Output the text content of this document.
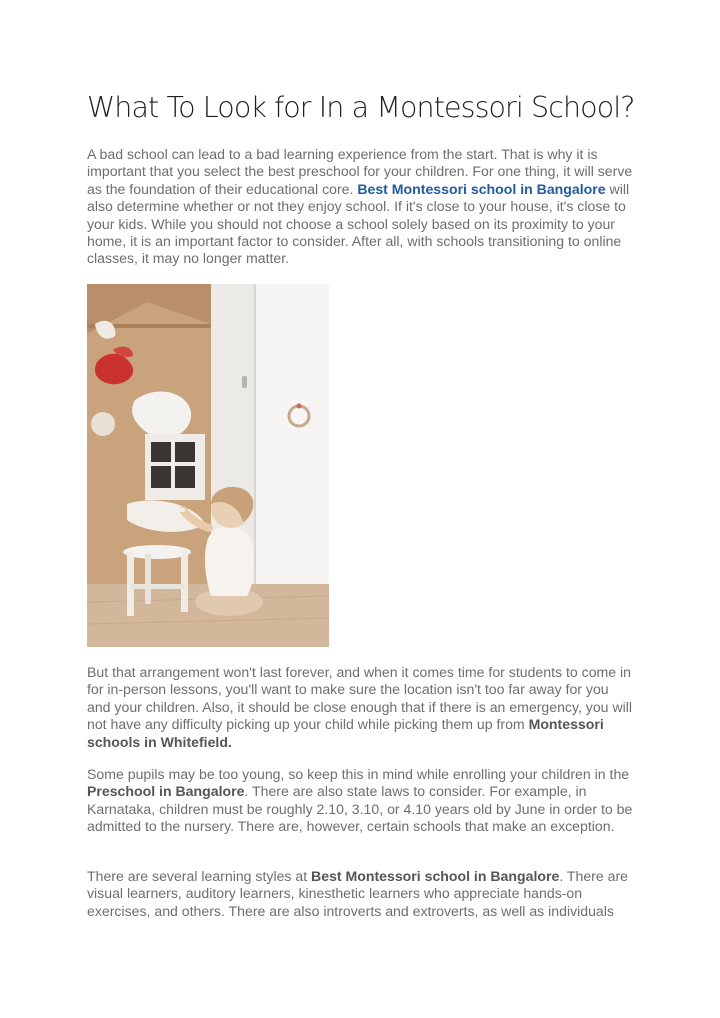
What To Look for In a Montessori School?

A bad school can lead to a bad learning experience from the start. That is why it is important that you select the best preschool for your children. For one thing, it will serve as the foundation of their educational core. Best Montessori school in Bangalore will also determine whether or not they enjoy school. If it's close to your house, it's close to your kids. While you should not choose a school solely based on its proximity to your home, it is an important factor to consider. After all, with schools transitioning to online classes, it may no longer matter.

But that arrangement won't last forever, and when it comes time for students to come in for in-person lessons, you'll want to make sure the location isn't too far away for you and your children. Also, it should be close enough that if there is an emergency, you will not have any difficulty picking up your child while picking them up from Montessori schools in Whitefield.

Some pupils may be too young, so keep this in mind while enrolling your children in the Preschool in Bangalore. There are also state laws to consider. For example, in Karnataka, children must be roughly 2.10, 3.10, or 4.10 years old by June in order to be admitted to the nursery. There are, however, certain schools that make an exception.

There are several learning styles at Best Montessori school in Bangalore. There are visual learners, auditory learners, kinesthetic learners who appreciate hands-on exercises, and others. There are also introverts and extroverts, as well as individuals
